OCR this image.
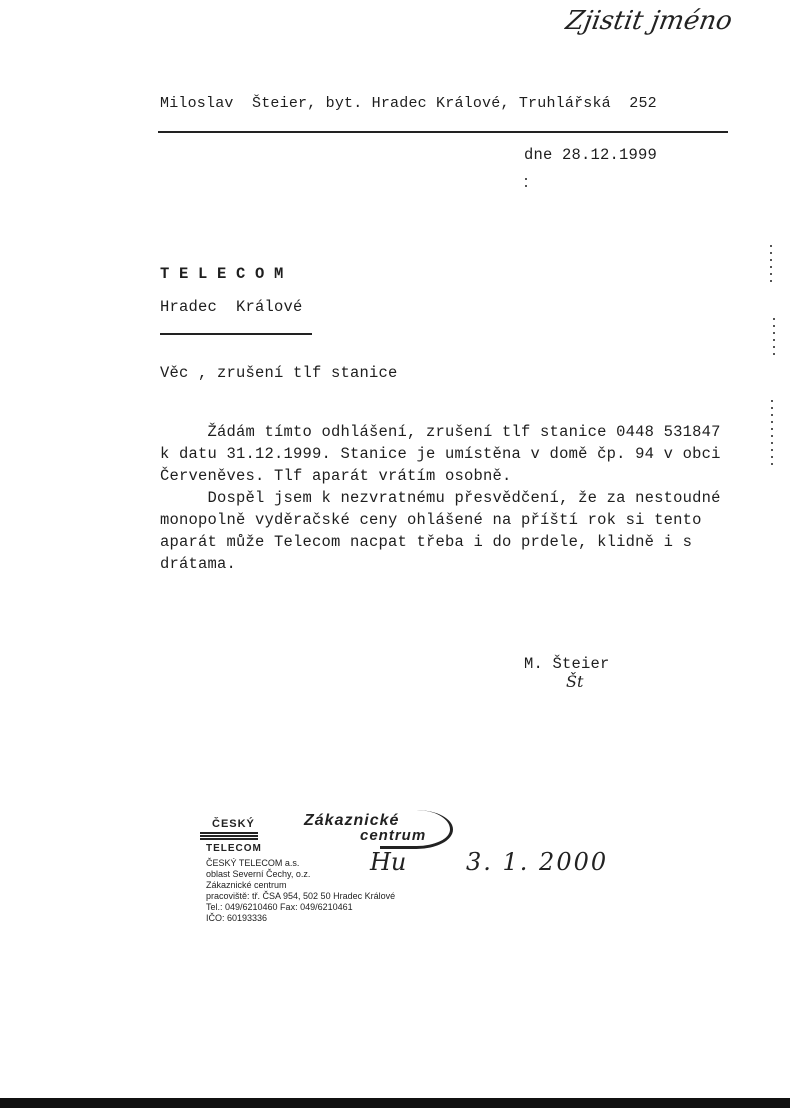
Zjistit jméno
Miloslav  Šteier, byt. Hradec Králové, Truhlářská  252
dne 28.12.1999
T E L E C O M
Hradec  Králové
Věc , zrušení tlf stanice
Žádám tímto odhlášení, zrušení tlf stanice 0448 531847
k datu 31.12.1999. Stanice je umístěna v domě čp. 94 v obci
Červeněves. Tlf aparát vrátím osobně.
Dospěl jsem k nezvratnému přesvědčení, že za nestoudné
monopolně vyděračské ceny ohlášené na příští rok si tento
aparát může Telecom nacpat třeba i do prdele, klidně i s
drátama.
M. Šteier
Št
ČESKÝ
TELECOM
Zákaznické
centrum
ČESKÝ TELECOM a.s.
oblast Severní Čechy, o.z.
Zákaznické centrum
pracoviště: tř. ČSA 954, 502 50 Hradec Králové
Tel.: 049/6210460 Fax: 049/6210461
IČO: 60193336
Hu 3. 1. 2000
